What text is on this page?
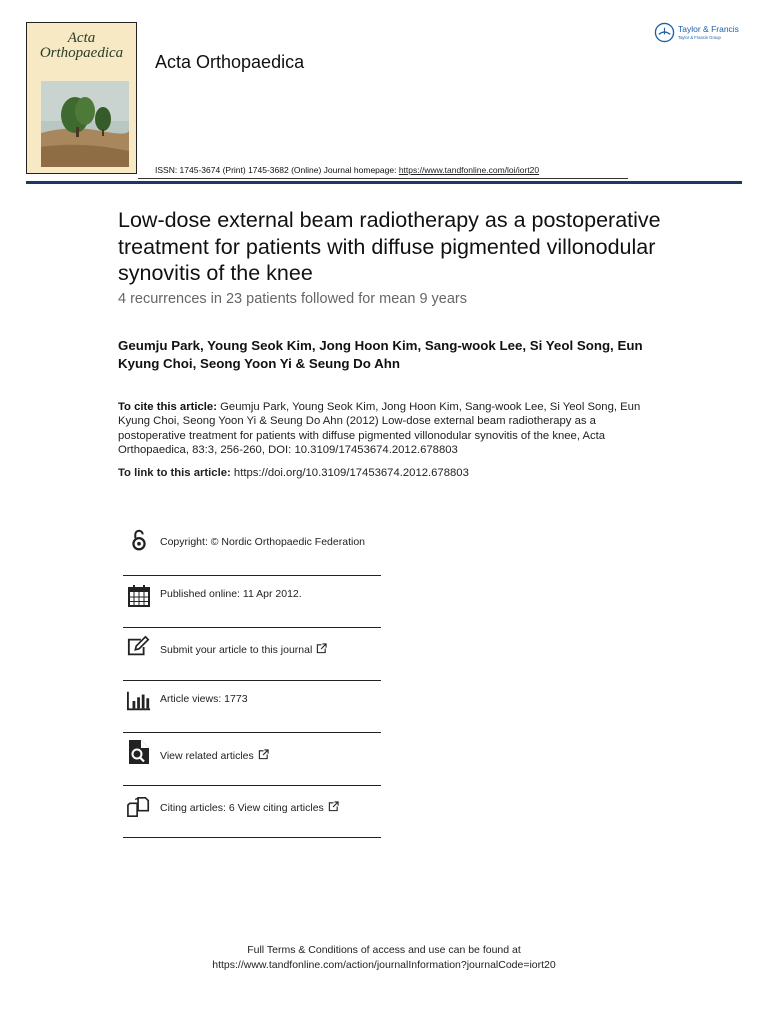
Acta
Orthopaedica	Acta Orthopaedica
Taylor & Francis
Taylor & Francis Group
ISSN: 1745-3674 (Print) 1745-3682 (Online) Journal homepage: https://www.tandfonline.com/loi/iort20
Low-dose external beam radiotherapy as a postoperative treatment for patients with diffuse pigmented villonodular synovitis of the knee
4 recurrences in 23 patients followed for mean 9 years
Geumju Park, Young Seok Kim, Jong Hoon Kim, Sang-wook Lee, Si Yeol Song, Eun Kyung Choi, Seong Yoon Yi & Seung Do Ahn
To cite this article: Geumju Park, Young Seok Kim, Jong Hoon Kim, Sang-wook Lee, Si Yeol Song, Eun Kyung Choi, Seong Yoon Yi & Seung Do Ahn (2012) Low-dose external beam radiotherapy as a postoperative treatment for patients with diffuse pigmented villonodular synovitis of the knee, Acta Orthopaedica, 83:3, 256-260, DOI: 10.3109/17453674.2012.678803
To link to this article: https://doi.org/10.3109/17453674.2012.678803
Copyright: © Nordic Orthopaedic Federation
Published online: 11 Apr 2012.
Submit your article to this journal
Article views: 1773
View related articles
Citing articles: 6 View citing articles
Full Terms & Conditions of access and use can be found at
https://www.tandfonline.com/action/journalInformation?journalCode=iort20
